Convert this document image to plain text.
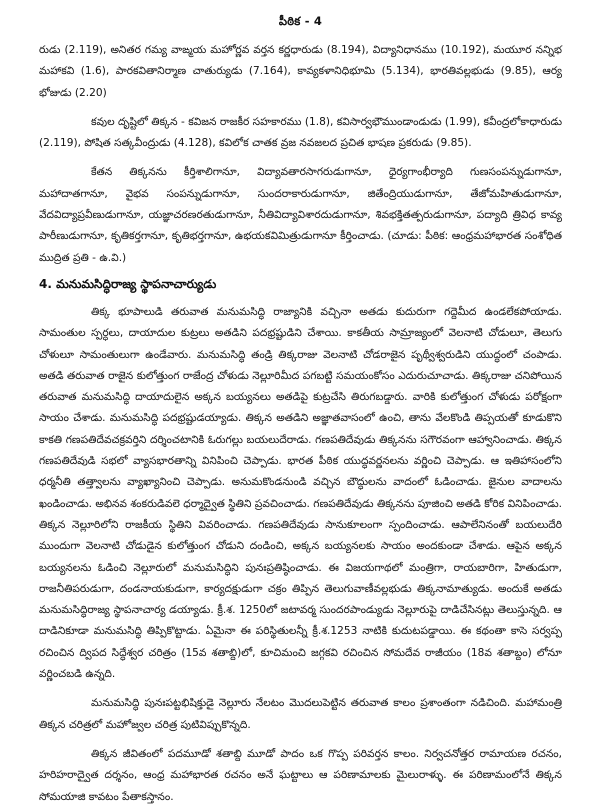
పీఠిక - 4

రుడు (2.119), అనితర గమ్య వాఙ్మయ మహోర్ణవ వర్తన కర్ణధారుడు (8.194), విద్యానిధానము (10.192), మయూర నన్నిభ మహాకవి (1.6), పారకవితానిర్మాణ చాతుర్యుడు (7.164), కావ్యకళానిధిభూమి (5.134), భారతివల్లభుడు (9.85), ఆర్య భోజుడు (2.20)

కవుల దృష్టిలో తిక్కన - కవిజన రాజకీర సహకారము (1.8), కవిసార్వభౌముండాండుడు (1.99), కవీంద్రలోకాధారుడు (2.119), పోషిత సత్కవీంద్రుడు (4.128), కవిలోక చాతక వ్రజ నవజలద ప్రచిత భాషణ ప్రకరుడు (9.85).

కేతన తిక్కనను కీర్తిశాలిగానూ, విద్యావతారసాగరుడుగానూ, ధైర్యగాంభీర్యాది గుణసంపన్నుడుగానూ, మహాదాతగానూ, వైభవ సంపన్నుడుగానూ, సుందరాకారుడుగానూ, జితేంద్రియుడుగానూ, తేజోమహితుడుగానూ, వేదవిద్యాప్రవీణుడుగానూ, యజ్ఞాచరణరతుడుగానూ, నీతివిద్యావిశారదుడుగానూ, శివభక్తితత్పరుడుగానూ, పద్యాది త్రివిధ కావ్య పారీణుడుగానూ, కృతికర్తగానూ, కృతిభర్తగానూ, ఉభయకవిమిత్రుడుగానూ కీర్తించాడు. (చూడు: పీఠిక: ఆంధ్రమహాభారత సంశోధిత ముద్రిత ప్రతి - ఉ.వి.)

4. మనుమసిద్ధిరాజ్య స్థాపనాచార్యుడు

తిక్క భూపాలుడి తరువాత మనుమసిద్ధి రాజ్యానికి వచ్చినా అతడు కుదురుగా గద్దెమీద ఉండలేకపోయాడు. సామంతుల స్పర్ధలు, దాయాదుల కుట్రలు అతడిని పదభ్రష్టుడిని చేశాయి. కాకతీయ సామ్రాజ్యంలో వెలనాటి చోడులూ, తెలుగు చోళులూ సామంతులుగా ఉండేవారు. మనుమసిద్ధి తండ్రి తిక్కరాజు వెలనాటి చోడరాజైన పృథ్వీశ్వరుడిని యుద్ధంలో చంపాడు. అతడి తరువాత రాజైన కులోత్తుంగ రాజేంద్ర చోళుడు నెల్లూరిమీద పగబట్టి సమయంకోసం ఎదురుచూచాడు. తిక్కరాజు చనిపోయిన తరువాత మనుమసిద్ధి దాయాదులైన అక్కన బయ్యనలు అతడిపై కుట్రచేసి తిరుగబడ్డారు. వారికి కులోత్తుంగ చోళుడు పరోక్షంగా సాయం చేశాడు. మనుమసిద్ధి పదభ్రష్టుడయ్యాడు. తిక్కన అతడిని అజ్ఞాతవాసంలో ఉంచి, తాను వేలకొండి తిప్పయతో కూడుకొని కాకతి గణపతిదేవచక్రవర్తిని దర్శించటానికి ఓరుగల్లు బయలుదేరాడు. గణపతిదేవుడు తిక్కనను సగౌరవంగా ఆహ్వానించాడు. తిక్కన గణపతిదేవుడి సభలో వ్యాసభారతాన్ని వినిపించి చెప్పాడు. భారత పీఠిక యుద్ధవర్ణనలను వర్ణించి చెప్పాడు. ఆ ఇతిహాసంలోని ధర్మనీతి తత్త్వాలను వ్యాఖ్యానించి చెప్పాడు. అనుమకొండనుండి వచ్చిన బౌద్ధులను వాదంలో ఓడించాడు. జైనుల వాదాలను ఖండించాడు. అభినవ శంకరుడివలె ధర్మాద్వైత స్థితిని ప్రవచించాడు. గణపతిదేవుడు తిక్కనను పూజించి అతడి కోరిక వినిపించాడు. తిక్కన నెల్లూరిలోని రాజకీయ స్థితిని వివరించాడు. గణపతిదేవుడు సానుకూలంగా స్పందించాడు. ఆపాలేనినంతో బయలుదేరి ముందుగా వెలనాటి చోడుడైన కులోత్తుంగ చోడుని దండించి, అక్కన బయ్యనలకు సాయం అందకుండా చేశాడు. ఆపైన అక్కన బయ్యనలను ఓడించి నెల్లూరులో మనుమసిద్ధిని పునఃప్రతిష్ఠించాడు. ఈ విజయగాథలో మంత్రిగా, రాయబారిగా, హితుడుగా, రాజనీతిపరుడుగా, దండనాయకుడుగా, కార్యదక్షుడుగా చక్రం తిప్పిన తెలుగువాణీవల్లభుడు తిక్కనామాత్యుడు. అందుకే అతడు మనుమసిద్ధిరాజ్య స్థాపనాచార్య డయ్యాడు. క్రీ.శ. 1250లో జటావర్మ సుందరపాండ్యుడు నెల్లూరుపై దాడిచేసినట్లు తెలుస్తున్నది. ఆ దాడినికూడా మనుమసిద్ధి తిప్పికొట్టాడు. ఏమైనా ఈ పరిస్థితులన్నీ క్రీ.శ.1253 నాటికి కుదుటపడ్డాయి. ఈ కథంతా కాసె సర్వప్ప రచించిన ద్విపద సిద్ధేశ్వర చరిత్రం (15వ శతాబ్ది)లో, కూచిమంచి జగ్గకవి రచించిన సోమదేవ రాజీయం (18వ శతాబ్దం) లోనూ వర్ణించబడి ఉన్నది.

మనుమసిద్ధి పునఃపట్టభిషిక్తుడై నెల్లూరు నేలటం మొదలుపెట్టిన తరువాత కాలం ప్రశాంతంగా నడిచింది. మహామంత్రి తిక్కన చరిత్రలో మహోజ్వల చరిత్ర పుటివిప్పుకొన్నది.

తిక్కన జీవితంలో పదమూడో శతాబ్ది మూడో పాదం ఒక గొప్ప పరివర్తన కాలం. నిర్వచనోత్తర రామాయణ రచనం, హరిహరాద్వైత దర్శనం, ఆంధ్ర మహాభారత రచనం అనే ఘట్టాలు ఆ పరిణామాలకు మైలురాళ్ళు. ఈ పరిణామంలోనే తిక్కన సోమయాజి కావటం పేతాకస్తానం.
